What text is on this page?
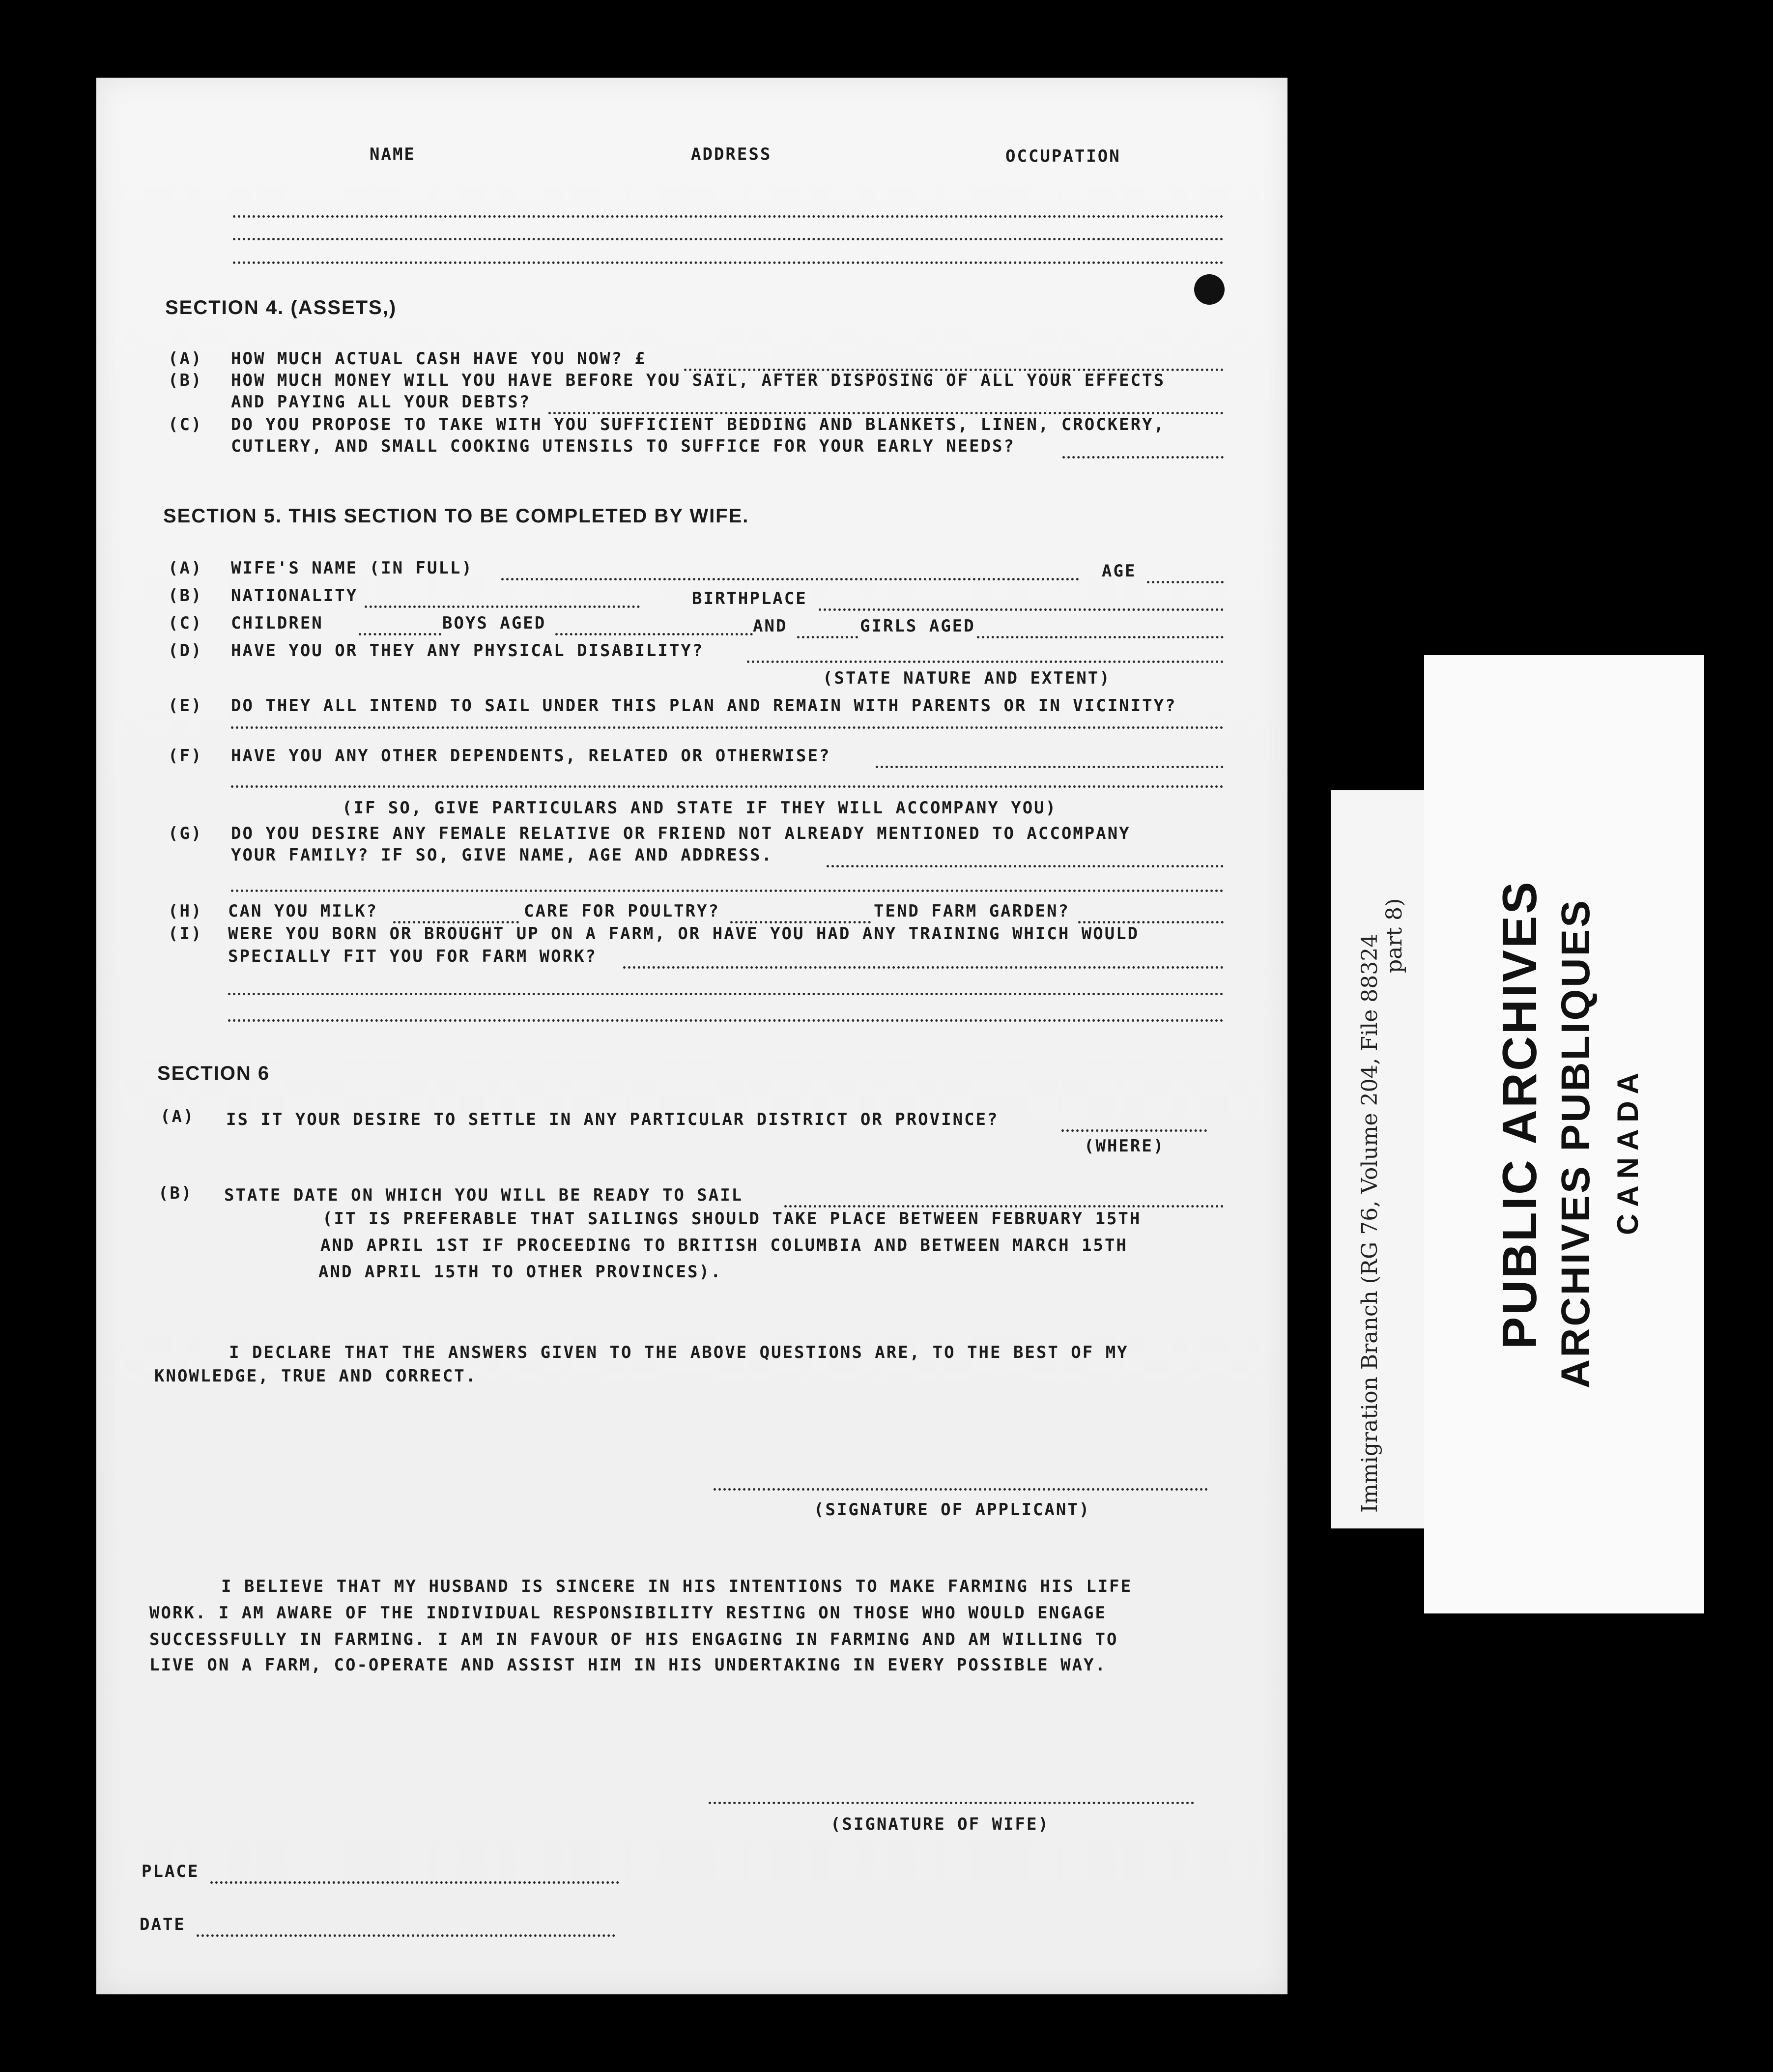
NAME	ADDRESS	OCCUPATION
SECTION 4. (ASSETS,)
(A) HOW MUCH ACTUAL CASH HAVE YOU NOW? £
(B) HOW MUCH MONEY WILL YOU HAVE BEFORE YOU SAIL, AFTER DISPOSING OF ALL YOUR EFFECTS
AND PAYING ALL YOUR DEBTS?
(C) DO YOU PROPOSE TO TAKE WITH YOU SUFFICIENT BEDDING AND BLANKETS, LINEN, CROCKERY,
CUTLERY, AND SMALL COOKING UTENSILS TO SUFFICE FOR YOUR EARLY NEEDS?
SECTION 5. THIS SECTION TO BE COMPLETED BY WIFE.
(A) WIFE'S NAME (IN FULL)	AGE
(B) NATIONALITY	BIRTHPLACE
(C) CHILDREN	BOYS AGED	AND	GIRLS AGED
(D) HAVE YOU OR THEY ANY PHYSICAL DISABILITY?
(STATE NATURE AND EXTENT)
(E) DO THEY ALL INTEND TO SAIL UNDER THIS PLAN AND REMAIN WITH PARENTS OR IN VICINITY?
(F) HAVE YOU ANY OTHER DEPENDENTS, RELATED OR OTHERWISE?
(IF SO, GIVE PARTICULARS AND STATE IF THEY WILL ACCOMPANY YOU)
(G) DO YOU DESIRE ANY FEMALE RELATIVE OR FRIEND NOT ALREADY MENTIONED TO ACCOMPANY
YOUR FAMILY? IF SO, GIVE NAME, AGE AND ADDRESS.
(H) CAN YOU MILK?	CARE FOR POULTRY?	TEND FARM GARDEN?
(I) WERE YOU BORN OR BROUGHT UP ON A FARM, OR HAVE YOU HAD ANY TRAINING WHICH WOULD
SPECIALLY FIT YOU FOR FARM WORK?
SECTION 6
(A) IS IT YOUR DESIRE TO SETTLE IN ANY PARTICULAR DISTRICT OR PROVINCE?
(WHERE)
(B) STATE DATE ON WHICH YOU WILL BE READY TO SAIL
(IT IS PREFERABLE THAT SAILINGS SHOULD TAKE PLACE BETWEEN FEBRUARY 15TH
AND APRIL 1ST IF PROCEEDING TO BRITISH COLUMBIA AND BETWEEN MARCH 15TH
AND APRIL 15TH TO OTHER PROVINCES).
I DECLARE THAT THE ANSWERS GIVEN TO THE ABOVE QUESTIONS ARE, TO THE BEST OF MY
KNOWLEDGE, TRUE AND CORRECT.
(SIGNATURE OF APPLICANT)
I BELIEVE THAT MY HUSBAND IS SINCERE IN HIS INTENTIONS TO MAKE FARMING HIS LIFE
WORK. I AM AWARE OF THE INDIVIDUAL RESPONSIBILITY RESTING ON THOSE WHO WOULD ENGAGE
SUCCESSFULLY IN FARMING. I AM IN FAVOUR OF HIS ENGAGING IN FARMING AND AM WILLING TO
LIVE ON A FARM, CO-OPERATE AND ASSIST HIM IN HIS UNDERTAKING IN EVERY POSSIBLE WAY.
(SIGNATURE OF WIFE)
PLACE
DATE
Immigration Branch (RG 76, Volume 204, File 88324 part 8) PUBLIC ARCHIVES ARCHIVES PUBLIQUES CANADA
